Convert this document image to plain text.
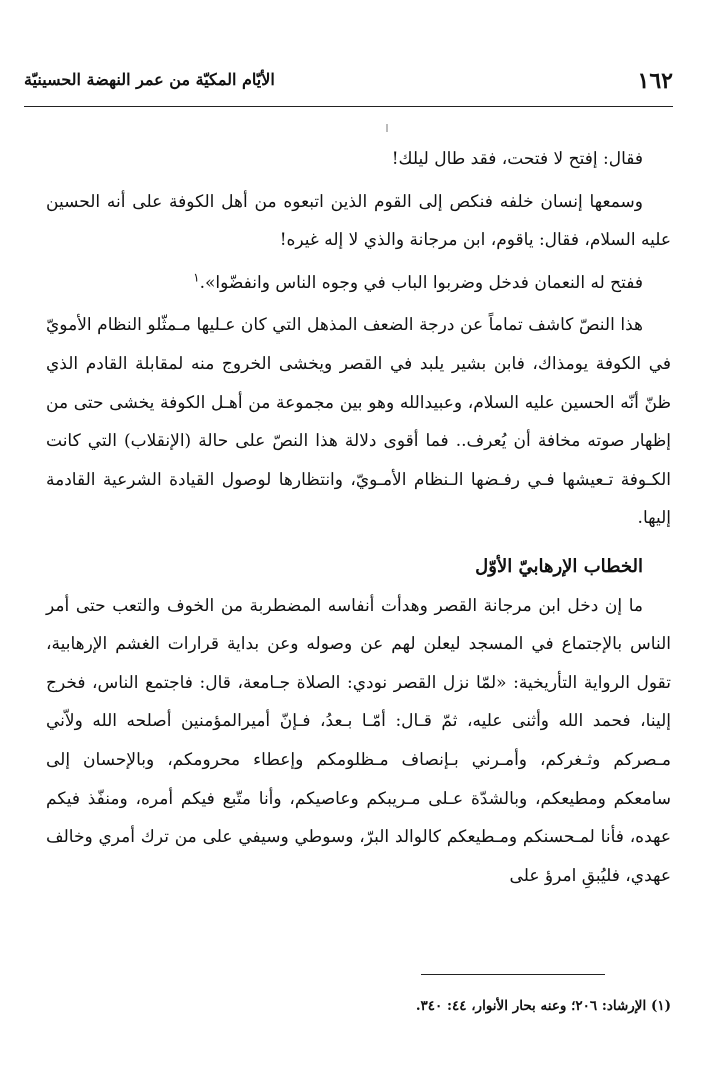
١٦٢
الأيّام المكيّة من عمر النهضة الحسينيّة

فقال: إفتح لا فتحت، فقد طال ليلك!

وسمعها إنسان خلفه فنكص إلى القوم الذين اتبعوه من أهل الكوفة على أنه الحسين عليه السلام، فقال: ياقوم، ابن مرجانة والذي لا إله غيره!

ففتح له النعمان فدخل وضربوا الباب في وجوه الناس وانفضّوا».$^١$

هذا النصّ كاشف تماماً عن درجة الضعف المذهل التي كان عـليها مـمثّلو النظام الأمويّ في الكوفة يومذاك، فابن بشير يلبد في القصر ويخشى الخروج منه لمقابلة القادم الذي ظنّ أنّه الحسين عليه السلام، وعبيدالله وهو بين مجموعة من أهـل الكوفة يخشى حتى من إظهار صوته مخافة أن يُعرف.. فما أقوى دلالة هذا النصّ على حالة (الإنقلاب) التي كانت الكـوفة تـعيشها فـي رفـضها الـنظام الأمـويّ، وانتظارها لوصول القيادة الشرعية القادمة إليها.

الخطاب الإرهابيّ الأوّل

ما إن دخل ابن مرجانة القصر وهدأت أنفاسه المضطربة من الخوف والتعب حتى أمر الناس بالإجتماع في المسجد ليعلن لهم عن وصوله وعن بداية قرارات الغشم الإرهابية، تقول الرواية التأريخية: «لمّا نزل القصر نودي: الصلاة جـامعة، قال: فاجتمع الناس، فخرج إلينا، فحمد الله وأثنى عليه، ثمّ قـال: أمّـا بـعدُ، فـإنّ أميرالمؤمنين أصلحه الله ولاّني مـصركم وثـغركم، وأمـرني بـإنصاف مـظلومكم وإعطاء محرومكم، وبالإحسان إلى سامعكم ومطيعكم، وبالشدّة عـلى مـريبكم وعاصيكم، وأنا متّبع فيكم أمره، ومنفّذ فيكم عهده، فأنا لمـحسنكم ومـطيعكم كالوالد البرّ، وسوطي وسيفي على من ترك أمري وخالف عهدي، فليُبقِ امرؤ على

(١) الإرشاد: ٢٠٦؛ وعنه بحار الأنوار، ٤٤: ٣٤٠.
